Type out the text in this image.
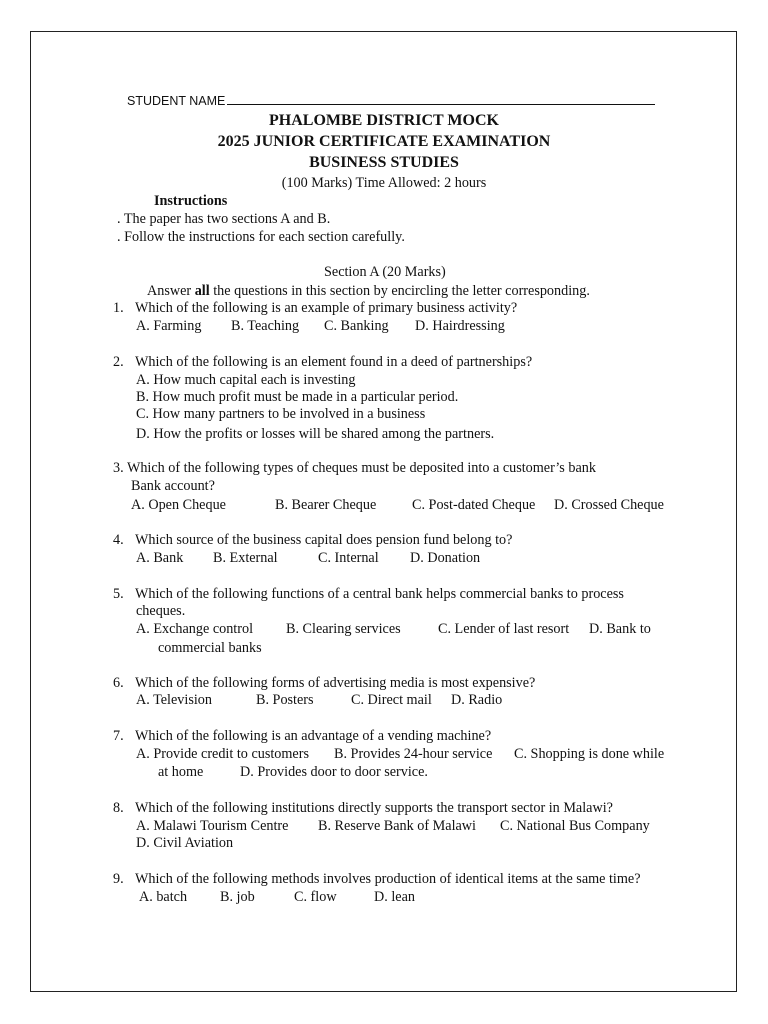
STUDENT NAME
PHALOMBE DISTRICT MOCK
2025 JUNIOR CERTIFICATE EXAMINATION
BUSINESS STUDIES
(100 Marks) Time Allowed: 2 hours
Instructions
. The paper has two sections A and B.
. Follow the instructions for each section carefully.
Section A (20 Marks)
Answer all the questions in this section by encircling the letter corresponding.
1. Which of the following is an example of primary business activity?
A. Farming B. Teaching C. Banking D. Hairdressing
2. Which of the following is an element found in a deed of partnerships?
A. How much capital each is investing
B. How much profit must be made in a particular period.
C. How many partners to be involved in a business
D. How the profits or losses will be shared among the partners.
3. Which of the following types of cheques must be deposited into a customer’s bank
Bank account?
A. Open Cheque	B. Bearer Cheque	C. Post-dated Cheque D. Crossed Cheque
4. Which source of the business capital does pension fund belong to?
A. Bank B. External	C. Internal D. Donation
5. Which of the following functions of a central bank helps commercial banks to process
cheques.
A. Exchange control B. Clearing services	C. Lender of last resort D. Bank to
commercial banks
6. Which of the following forms of advertising media is most expensive?
A. Television	B. Posters	C. Direct mail D. Radio
7. Which of the following is an advantage of a vending machine?
A. Provide credit to customers B. Provides 24-hour service C. Shopping is done while
at home	D. Provides door to door service.
8. Which of the following institutions directly supports the transport sector in Malawi?
A. Malawi Tourism Centre B. Reserve Bank of Malawi C. National Bus Company
D. Civil Aviation
9. Which of the following methods involves production of identical items at the same time?
A. batch B. job	C. flow	D. lean
